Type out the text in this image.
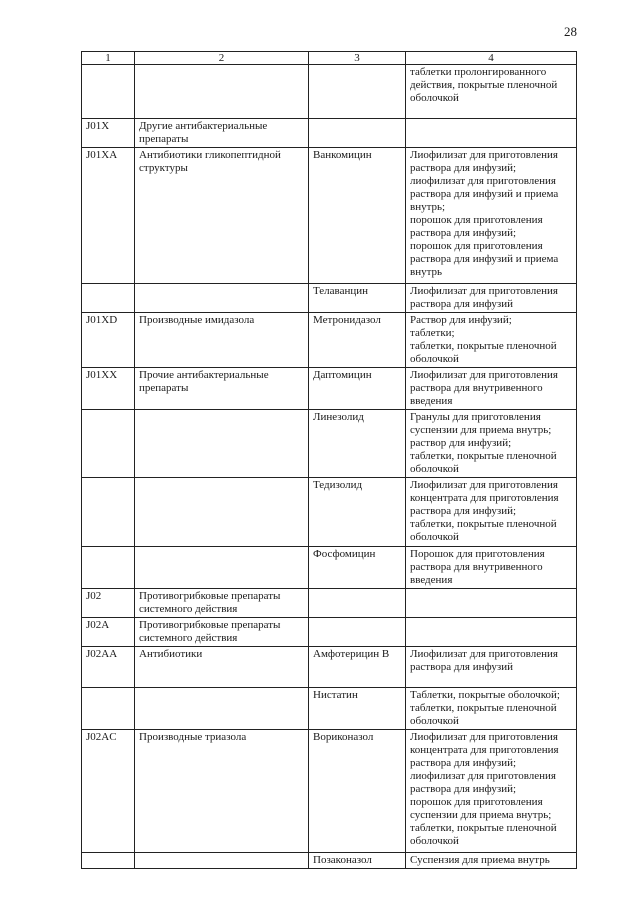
28
1	2	3	4
			таблетки пролонгированного действия, покрытые пленочной оболочкой
J01X	Другие антибактериальные препараты		
J01XA	Антибиотики гликопептидной структуры	Ванкомицин	Лиофилизат для приготовления раствора для инфузий;
лиофилизат для приготовления раствора для инфузий и приема внутрь;
порошок для приготовления раствора для инфузий;
порошок для приготовления раствора для инфузий и приема внутрь
		Телаванцин	Лиофилизат для приготовления раствора для инфузий
J01XD	Производные имидазола	Метронидазол	Раствор для инфузий;
таблетки;
таблетки, покрытые пленочной оболочкой
J01XX	Прочие антибактериальные препараты	Даптомицин	Лиофилизат для приготовления раствора для внутривенного введения
		Линезолид	Гранулы для приготовления суспензии для приема внутрь;
раствор для инфузий;
таблетки, покрытые пленочной оболочкой
		Тедизолид	Лиофилизат для приготовления концентрата для приготовления раствора для инфузий;
таблетки, покрытые пленочной оболочкой
		Фосфомицин	Порошок для приготовления раствора для внутривенного введения
J02	Противогрибковые препараты системного действия		
J02A	Противогрибковые препараты системного действия		
J02AA	Антибиотики	Амфотерицин В	Лиофилизат для приготовления раствора для инфузий
		Нистатин	Таблетки, покрытые оболочкой;
таблетки, покрытые пленочной оболочкой
J02AC	Производные триазола	Вориконазол	Лиофилизат для приготовления концентрата для приготовления раствора для инфузий;
лиофилизат для приготовления раствора для инфузий;
порошок для приготовления суспензии для приема внутрь;
таблетки, покрытые пленочной оболочкой
		Позаконазол	Суспензия для приема внутрь
